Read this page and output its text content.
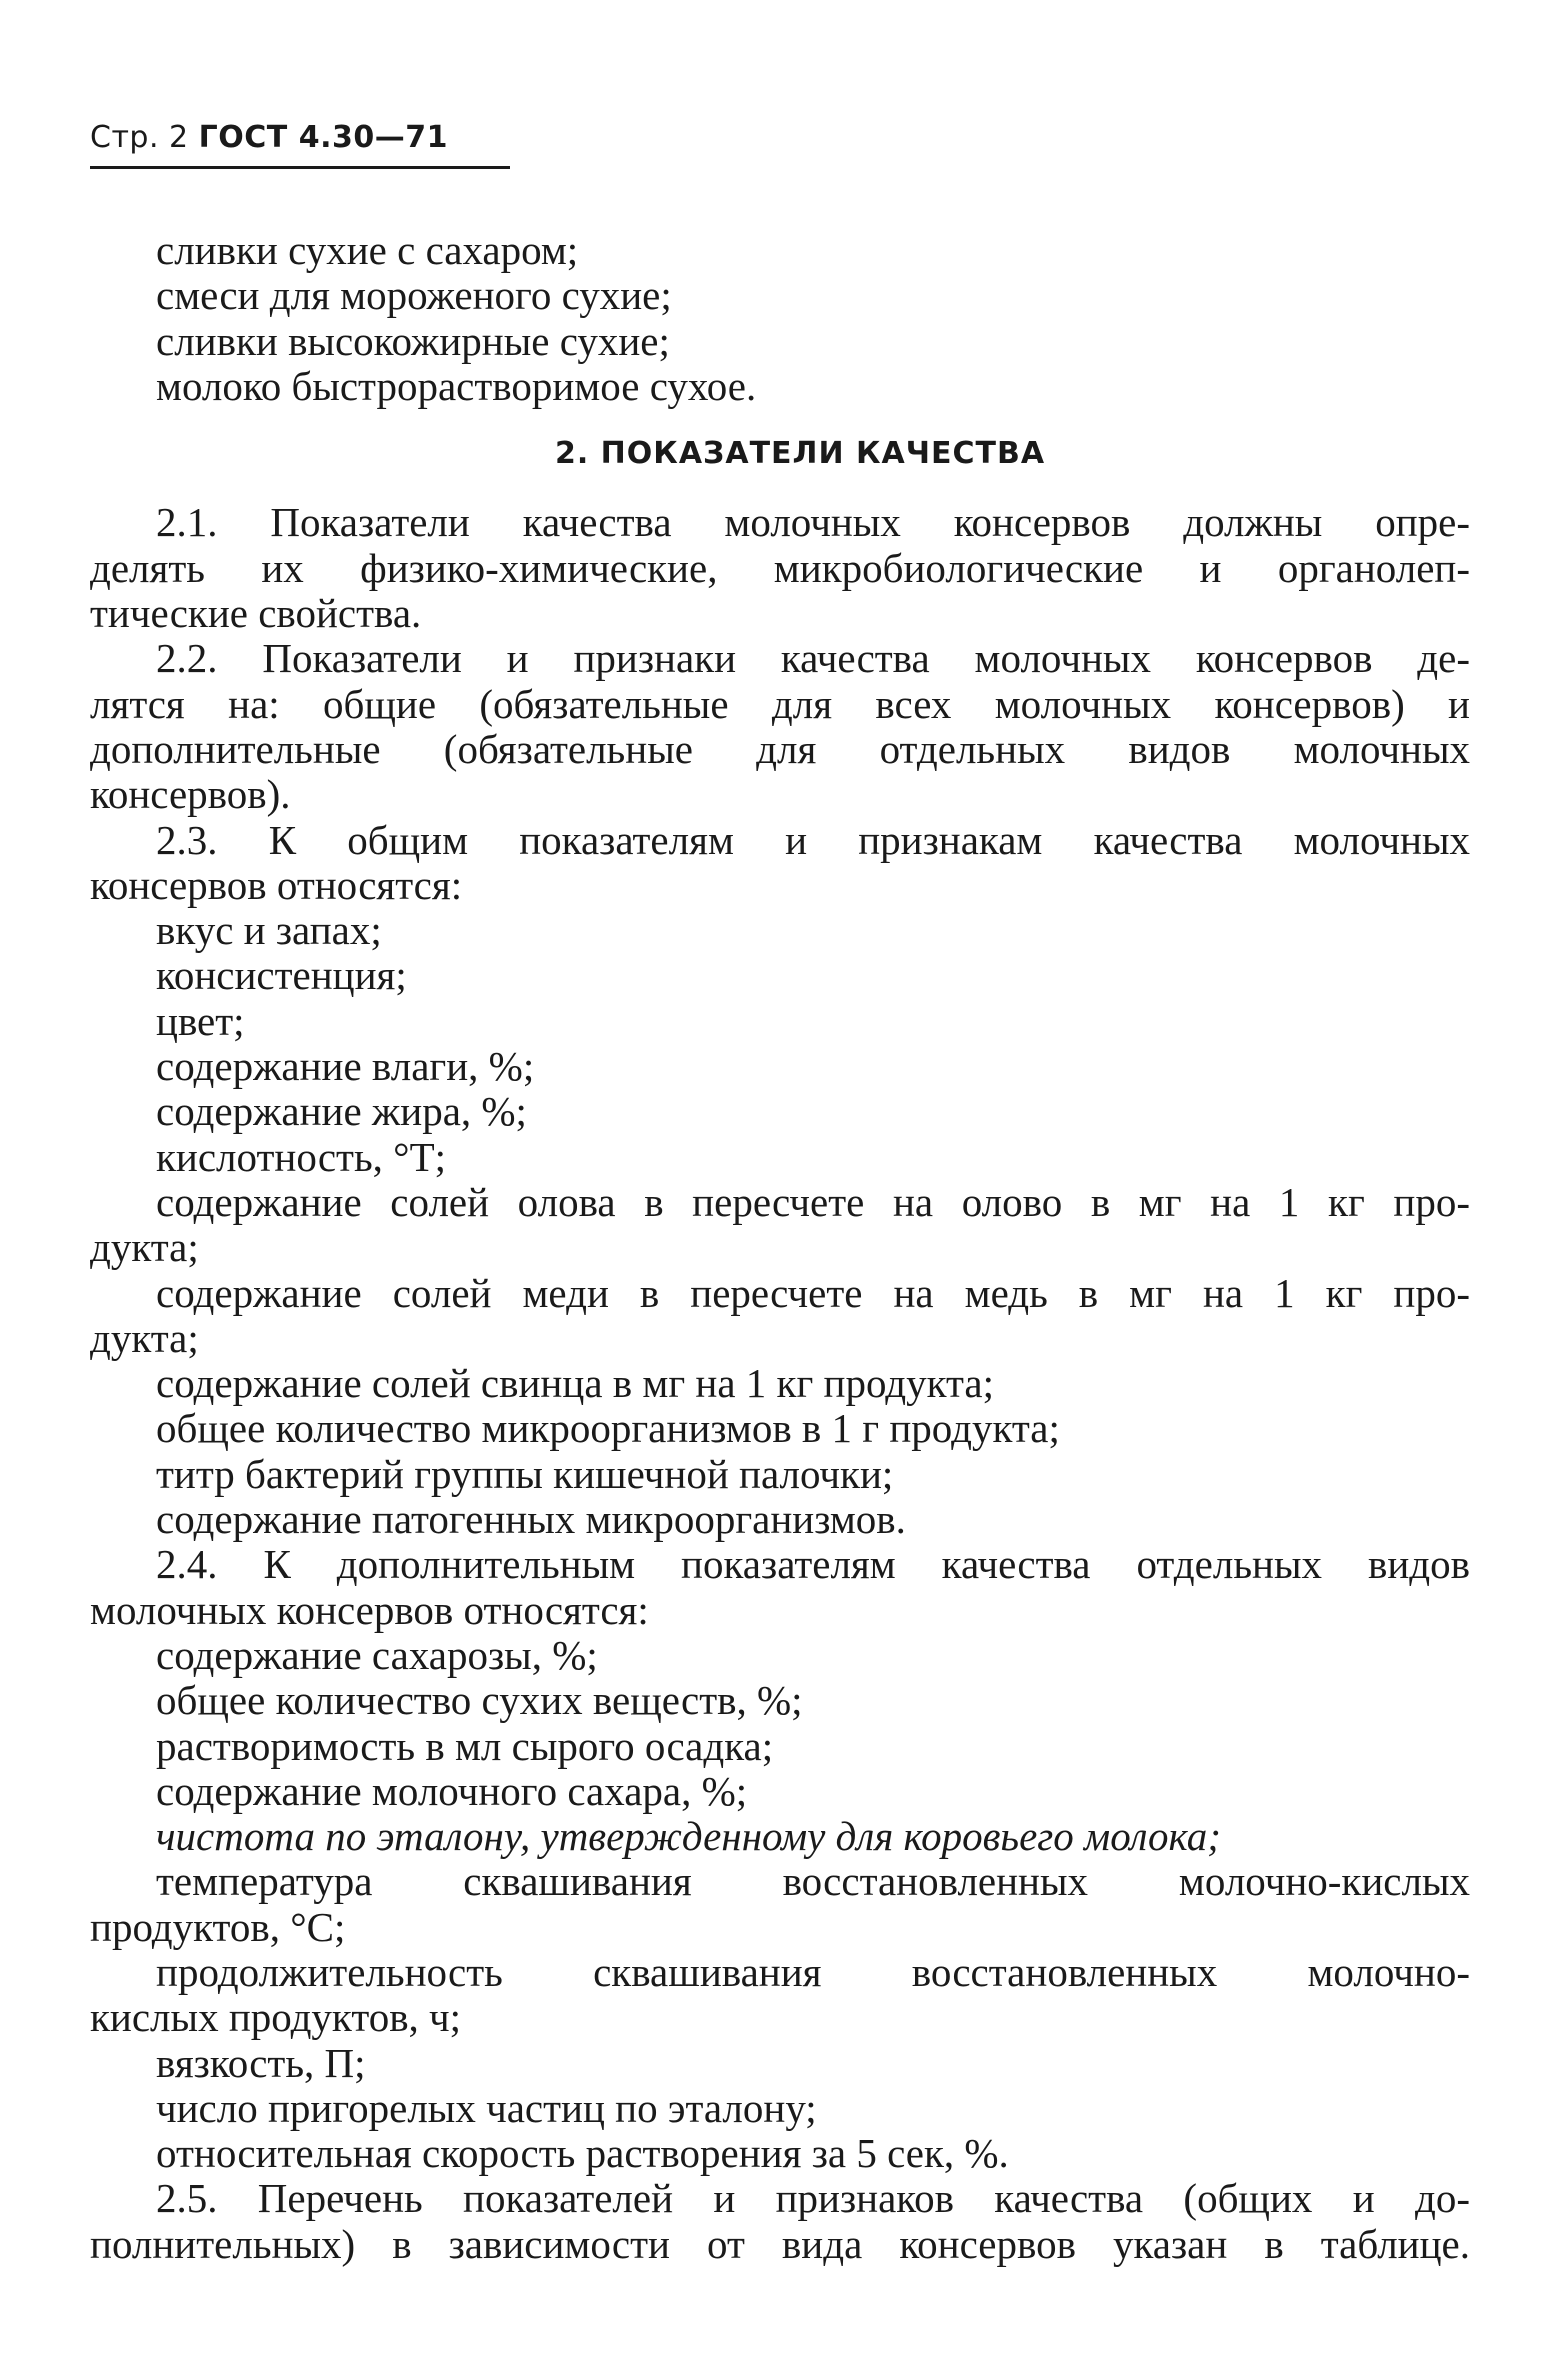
Стр. 2 ГОСТ 4.30—71
сливки сухие с сахаром;
смеси для мороженого сухие;
сливки высокожирные сухие;
молоко быстрорастворимое сухое.
2. ПОКАЗАТЕЛИ КАЧЕСТВА
2.1. Показатели качества молочных консервов должны опре-
делять их физико-химические, микробиологические и органолеп-
тические свойства.
2.2. Показатели и признаки качества молочных консервов де-
лятся на: общие (обязательные для всех молочных консервов) и
дополнительные (обязательные для отдельных видов молочных
консервов).
2.3. К общим показателям и признакам качества молочных
консервов относятся:
вкус и запах;
консистенция;
цвет;
содержание влаги, %;
содержание жира, %;
кислотность, °Т;
содержание солей олова в пересчете на олово в мг на 1 кг про-
дукта;
содержание солей меди в пересчете на медь в мг на 1 кг про-
дукта;
содержание солей свинца в мг на 1 кг продукта;
общее количество микроорганизмов в 1 г продукта;
титр бактерий группы кишечной палочки;
содержание патогенных микроорганизмов.
2.4. К дополнительным показателям качества отдельных видов
молочных консервов относятся:
содержание сахарозы, %;
общее количество сухих веществ, %;
растворимость в мл сырого осадка;
содержание молочного сахара, %;
чистота по эталону, утвержденному для коровьего молока;
температура сквашивания восстановленных молочно-кислых
продуктов, °С;
продолжительность сквашивания восстановленных молочно-
кислых продуктов, ч;
вязкость, П;
число пригорелых частиц по эталону;
относительная скорость растворения за 5 сек, %.
2.5. Перечень показателей и признаков качества (общих и до-
полнительных) в зависимости от вида консервов указан в таблице.
